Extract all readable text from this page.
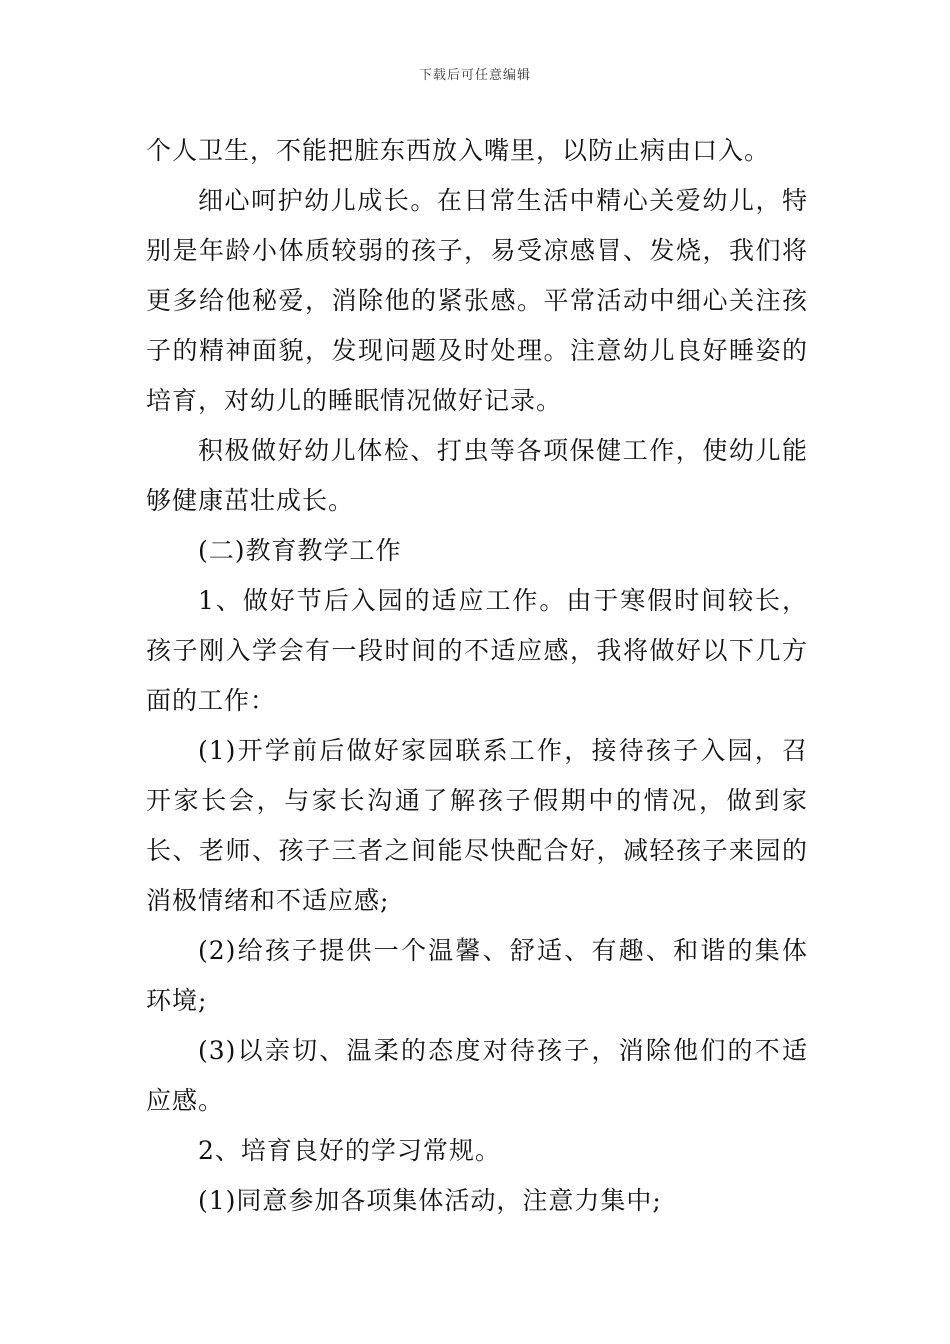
下载后可任意编辑

个人卫生，不能把脏东西放入嘴里，以防止病由口入。

细心呵护幼儿成长。在日常生活中精心关爱幼儿，特别是年龄小体质较弱的孩子，易受凉感冒、发烧，我们将更多给他秘爱，消除他的紧张感。平常活动中细心关注孩子的精神面貌，发现问题及时处理。注意幼儿良好睡姿的培育，对幼儿的睡眠情况做好记录。

积极做好幼儿体检、打虫等各项保健工作，使幼儿能够健康茁壮成长。

(二)教育教学工作

1、做好节后入园的适应工作。由于寒假时间较长，孩子刚入学会有一段时间的不适应感，我将做好以下几方面的工作：

(1)开学前后做好家园联系工作，接待孩子入园，召开家长会，与家长沟通了解孩子假期中的情况，做到家长、老师、孩子三者之间能尽快配合好，减轻孩子来园的消极情绪和不适应感;

(2)给孩子提供一个温馨、舒适、有趣、和谐的集体环境;

(3)以亲切、温柔的态度对待孩子，消除他们的不适应感。

2、培育良好的学习常规。

(1)同意参加各项集体活动，注意力集中;
